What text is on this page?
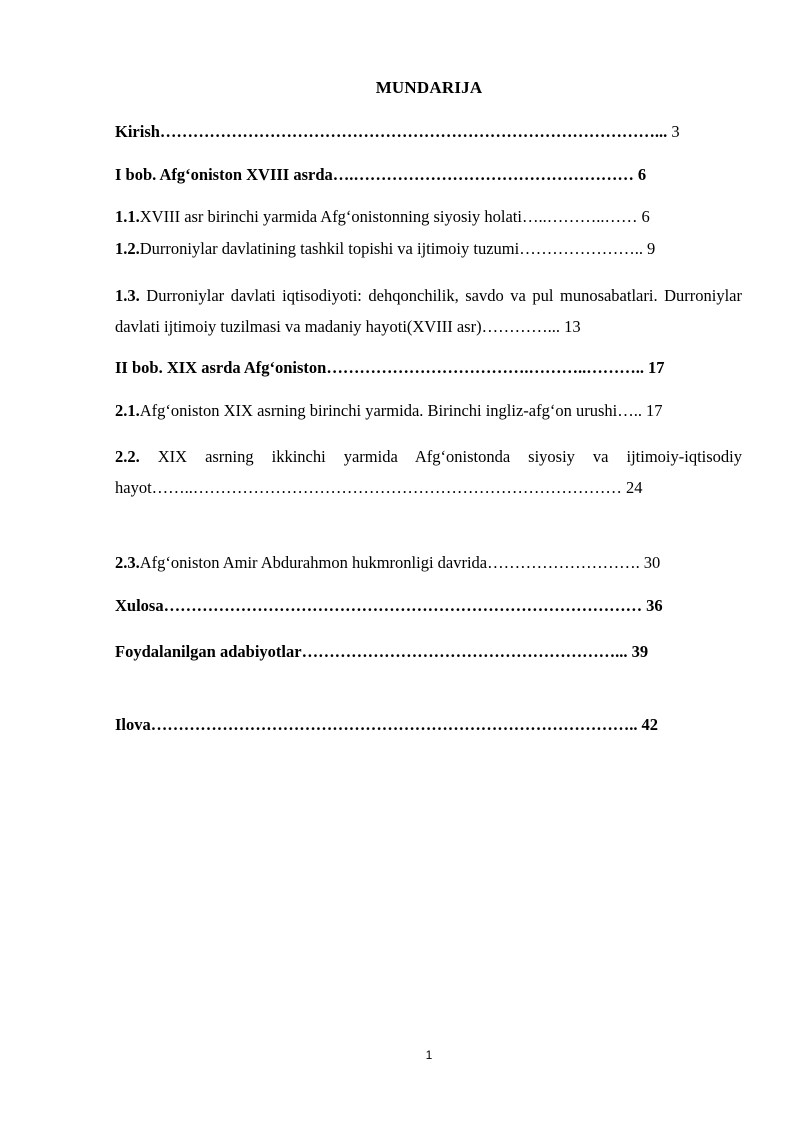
MUNDARIJA
Kirish………………………………………………………………………………... 3
I bob. Afg‘oniston XVIII asrda….…………………………………………… 6
1.1. XVIII asr birinchi yarmida Afg‘onistonning siyosiy holati…..………..…… 6
1.2. Durroniylar davlatining tashkil topishi va ijtimoiy tuzumi………………….. 9
1.3. Durroniylar davlati iqtisodiyoti: dehqonchilik, savdo va pul munosabatlari. Durroniylar davlati ijtimoiy tuzilmasi va madaniy hayoti(XVIII asr)…………... 13
II bob. XIX asrda Afg‘oniston……………………………….………..……….. 17
2.1. Afg‘oniston XIX asrning birinchi yarmida. Birinchi ingliz-afg‘on urushi….. 17
2.2. XIX asrning ikkinchi yarmida Afg‘onistonda siyosiy va ijtimoiy-iqtisodiy hayot……..…………………………………………………………………… 24
2.3. Afg‘oniston Amir Abdurahmon hukmronligi davrida………………………. 30
Xulosa…………………………………………………………………………… 36
Foydalanilgan adabiyotlar…………………………………………………... 39
Ilova…………………………………………………………………………….. 42
1
